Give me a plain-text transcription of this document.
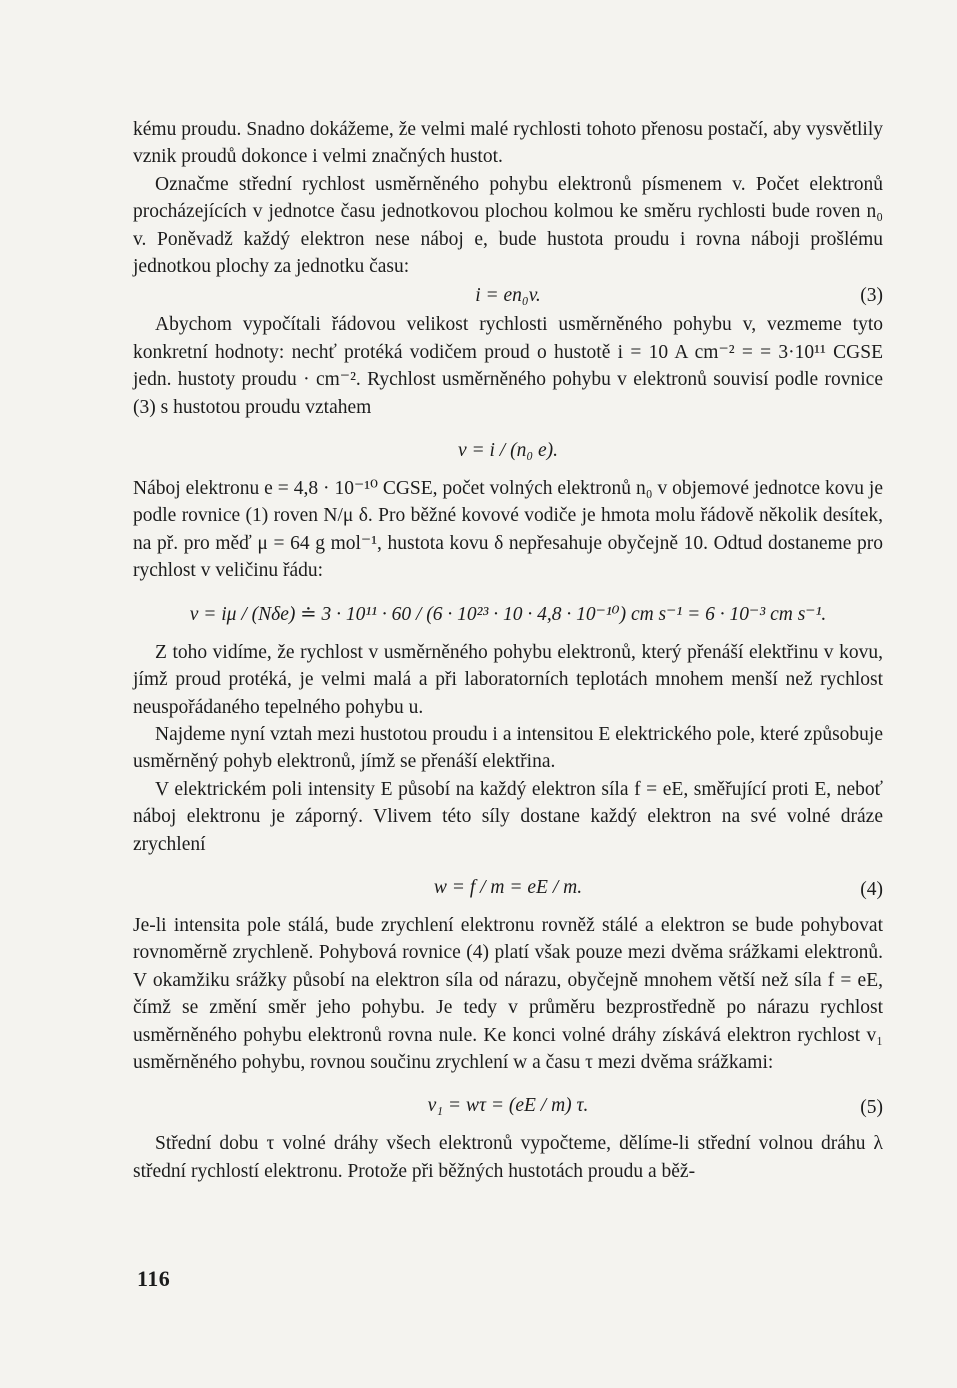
kému proudu. Snadno dokážeme, že velmi malé rychlosti tohoto přenosu postačí, aby vysvětlily vznik proudů dokonce i velmi značných hustot.

Označme střední rychlost usměrněného pohybu elektronů písmenem v. Počet elektronů procházejících v jednotce času jednotkovou plochou kolmou ke směru rychlosti bude roven n₀ v. Poněvadž každý elektron nese náboj e, bude hustota proudu i rovna náboji prošlému jednotkou plochy za jednotku času:

i = en₀v.	(3)

Abychom vypočítali řádovou velikost rychlosti usměrněného pohybu v, vezmeme tyto konkretní hodnoty: nechť protéká vodičem proud o hustotě i = 10 A cm⁻² = = 3·10¹¹ CGSE jedn. hustoty proudu · cm⁻². Rychlost usměrněného pohybu v elektronů souvisí podle rovnice (3) s hustotou proudu vztahem

v = i / (n₀ e).

Náboj elektronu e = 4,8 · 10⁻¹⁰ CGSE, počet volných elektronů n₀ v objemové jednotce kovu je podle rovnice (1) roven N/μ δ. Pro běžné kovové vodiče je hmota molu řádově několik desítek, na př. pro měď μ = 64 g mol⁻¹, hustota kovu δ nepřesahuje obyčejně 10. Odtud dostaneme pro rychlost v veličinu řádu:

v = iμ / (Nδe) ≐ 3 · 10¹¹ · 60 / (6 · 10²³ · 10 · 4,8 · 10⁻¹⁰) cm s⁻¹ = 6 · 10⁻³ cm s⁻¹.

Z toho vidíme, že rychlost v usměrněného pohybu elektronů, který přenáší elektřinu v kovu, jímž proud protéká, je velmi malá a při laboratorních teplotách mnohem menší než rychlost neuspořádaného tepelného pohybu u.

Najdeme nyní vztah mezi hustotou proudu i a intensitou E elektrického pole, které způsobuje usměrněný pohyb elektronů, jímž se přenáší elektřina.

V elektrickém poli intensity E působí na každý elektron síla f = eE, směřující proti E, neboť náboj elektronu je záporný. Vlivem této síly dostane každý elektron na své volné dráze zrychlení

w = f / m = eE / m.	(4)

Je-li intensita pole stálá, bude zrychlení elektronu rovněž stálé a elektron se bude pohybovat rovnoměrně zrychleně. Pohybová rovnice (4) platí však pouze mezi dvěma srážkami elektronů. V okamžiku srážky působí na elektron síla od nárazu, obyčejně mnohem větší než síla f = eE, čímž se změní směr jeho pohybu. Je tedy v průměru bezprostředně po nárazu rychlost usměrněného pohybu elektronů rovna nule. Ke konci volné dráhy získává elektron rychlost v₁ usměrněného pohybu, rovnou součinu zrychlení w a času τ mezi dvěma srážkami:

v₁ = wτ = (eE / m) τ.	(5)

Střední dobu τ volné dráhy všech elektronů vypočteme, dělíme-li střední volnou dráhu λ střední rychlostí elektronu. Protože při běžných hustotách proudu a běž-

116
